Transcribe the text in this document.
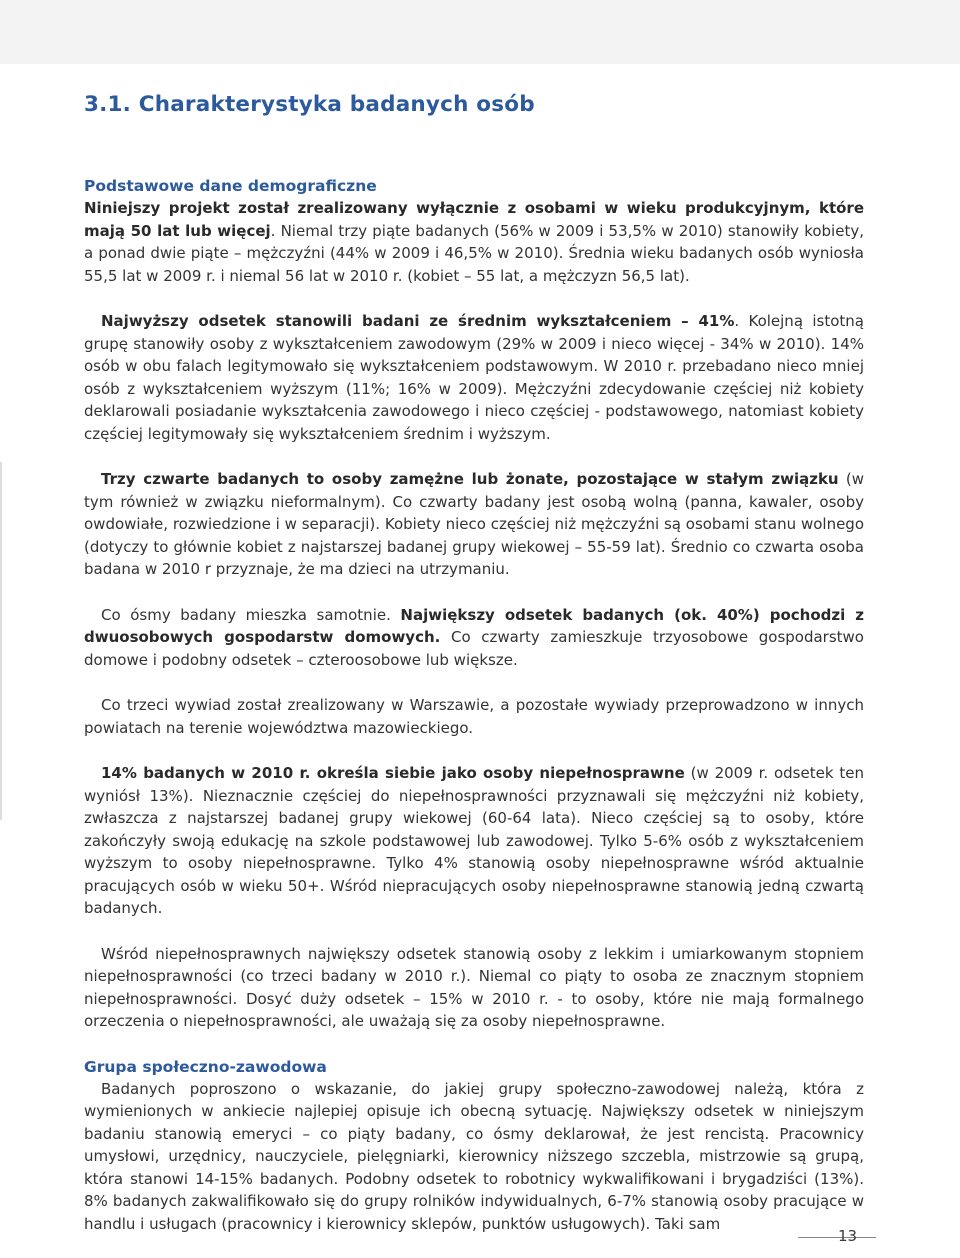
3.1. Charakterystyka badanych osób
Podstawowe dane demograficzne

Niniejszy projekt został zrealizowany wyłącznie z osobami w wieku produkcyjnym, które mają 50 lat lub więcej. Niemal trzy piąte badanych (56% w 2009 i 53,5% w 2010) stanowiły kobiety, a ponad dwie piąte – mężczyźni (44% w 2009 i 46,5% w 2010). Średnia wieku badanych osób wyniosła 55,5 lat w 2009 r. i niemal 56 lat w 2010 r. (kobiet – 55 lat, a mężczyzn 56,5 lat).

Najwyższy odsetek stanowili badani ze średnim wykształceniem – 41%. Kolejną istotną grupę stanowiły osoby z wykształceniem zawodowym (29% w 2009 i nieco więcej - 34% w 2010). 14% osób w obu falach legitymowało się wykształceniem podstawowym. W 2010 r. przebadano nieco mniej osób z wykształceniem wyższym (11%; 16% w 2009). Mężczyźni zdecydowanie częściej niż kobiety deklarowali posiadanie wykształcenia zawodowego i nieco częściej - podstawowego, natomiast kobiety częściej legitymowały się wykształceniem średnim i wyższym.

Trzy czwarte badanych to osoby zamężne lub żonate, pozostające w stałym związku (w tym również w związku nieformalnym). Co czwarty badany jest osobą wolną (panna, kawaler, osoby owdowiałe, rozwiedzione i w separacji). Kobiety nieco częściej niż mężczyźni są osobami stanu wolnego (dotyczy to głównie kobiet z najstarszej badanej grupy wiekowej – 55-59 lat). Średnio co czwarta osoba badana w 2010 r przyznaje, że ma dzieci na utrzymaniu.

Co ósmy badany mieszka samotnie. Największy odsetek badanych (ok. 40%) pochodzi z dwuosobowych gospodarstw domowych. Co czwarty zamieszkuje trzyosobowe gospodarstwo domowe i podobny odsetek – czteroosobowe lub większe.

Co trzeci wywiad został zrealizowany w Warszawie, a pozostałe wywiady przeprowadzono w innych powiatach na terenie województwa mazowieckiego.

14% badanych w 2010 r. określa siebie jako osoby niepełnosprawne (w 2009 r. odsetek ten wyniósł 13%). Nieznacznie częściej do niepełnosprawności przyznawali się mężczyźni niż kobiety, zwłaszcza z najstarszej badanej grupy wiekowej (60-64 lata). Nieco częściej są to osoby, które zakończyły swoją edukację na szkole podstawowej lub zawodowej. Tylko 5-6% osób z wykształceniem wyższym to osoby niepełnosprawne. Tylko 4% stanowią osoby niepełnosprawne wśród aktualnie pracujących osób w wieku 50+. Wśród niepracujących osoby niepełnosprawne stanowią jedną czwartą badanych.

Wśród niepełnosprawnych największy odsetek stanowią osoby z lekkim i umiarkowanym stopniem niepełnosprawności (co trzeci badany w 2010 r.). Niemal co piąty to osoba ze znacznym stopniem niepełnosprawności. Dosyć duży odsetek – 15% w 2010 r. - to osoby, które nie mają formalnego orzeczenia o niepełnosprawności, ale uważają się za osoby niepełnosprawne.

Grupa społeczno-zawodowa

Badanych poproszono o wskazanie, do jakiej grupy społeczno-zawodowej należą, która z wymienionych w ankiecie najlepiej opisuje ich obecną sytuację. Największy odsetek w niniejszym badaniu stanowią emeryci – co piąty badany, co ósmy deklarował, że jest rencistą. Pracownicy umysłowi, urzędnicy, nauczyciele, pielęgniarki, kierownicy niższego szczebla, mistrzowie są grupą, która stanowi 14-15% badanych. Podobny odsetek to robotnicy wykwalifikowani i brygadziści (13%). 8% badanych zakwalifikowało się do grupy rolników indywidualnych, 6-7% stanowią osoby pracujące w handlu i usługach (pracownicy i kierownicy sklepów, punktów usługowych). Taki sam

13
